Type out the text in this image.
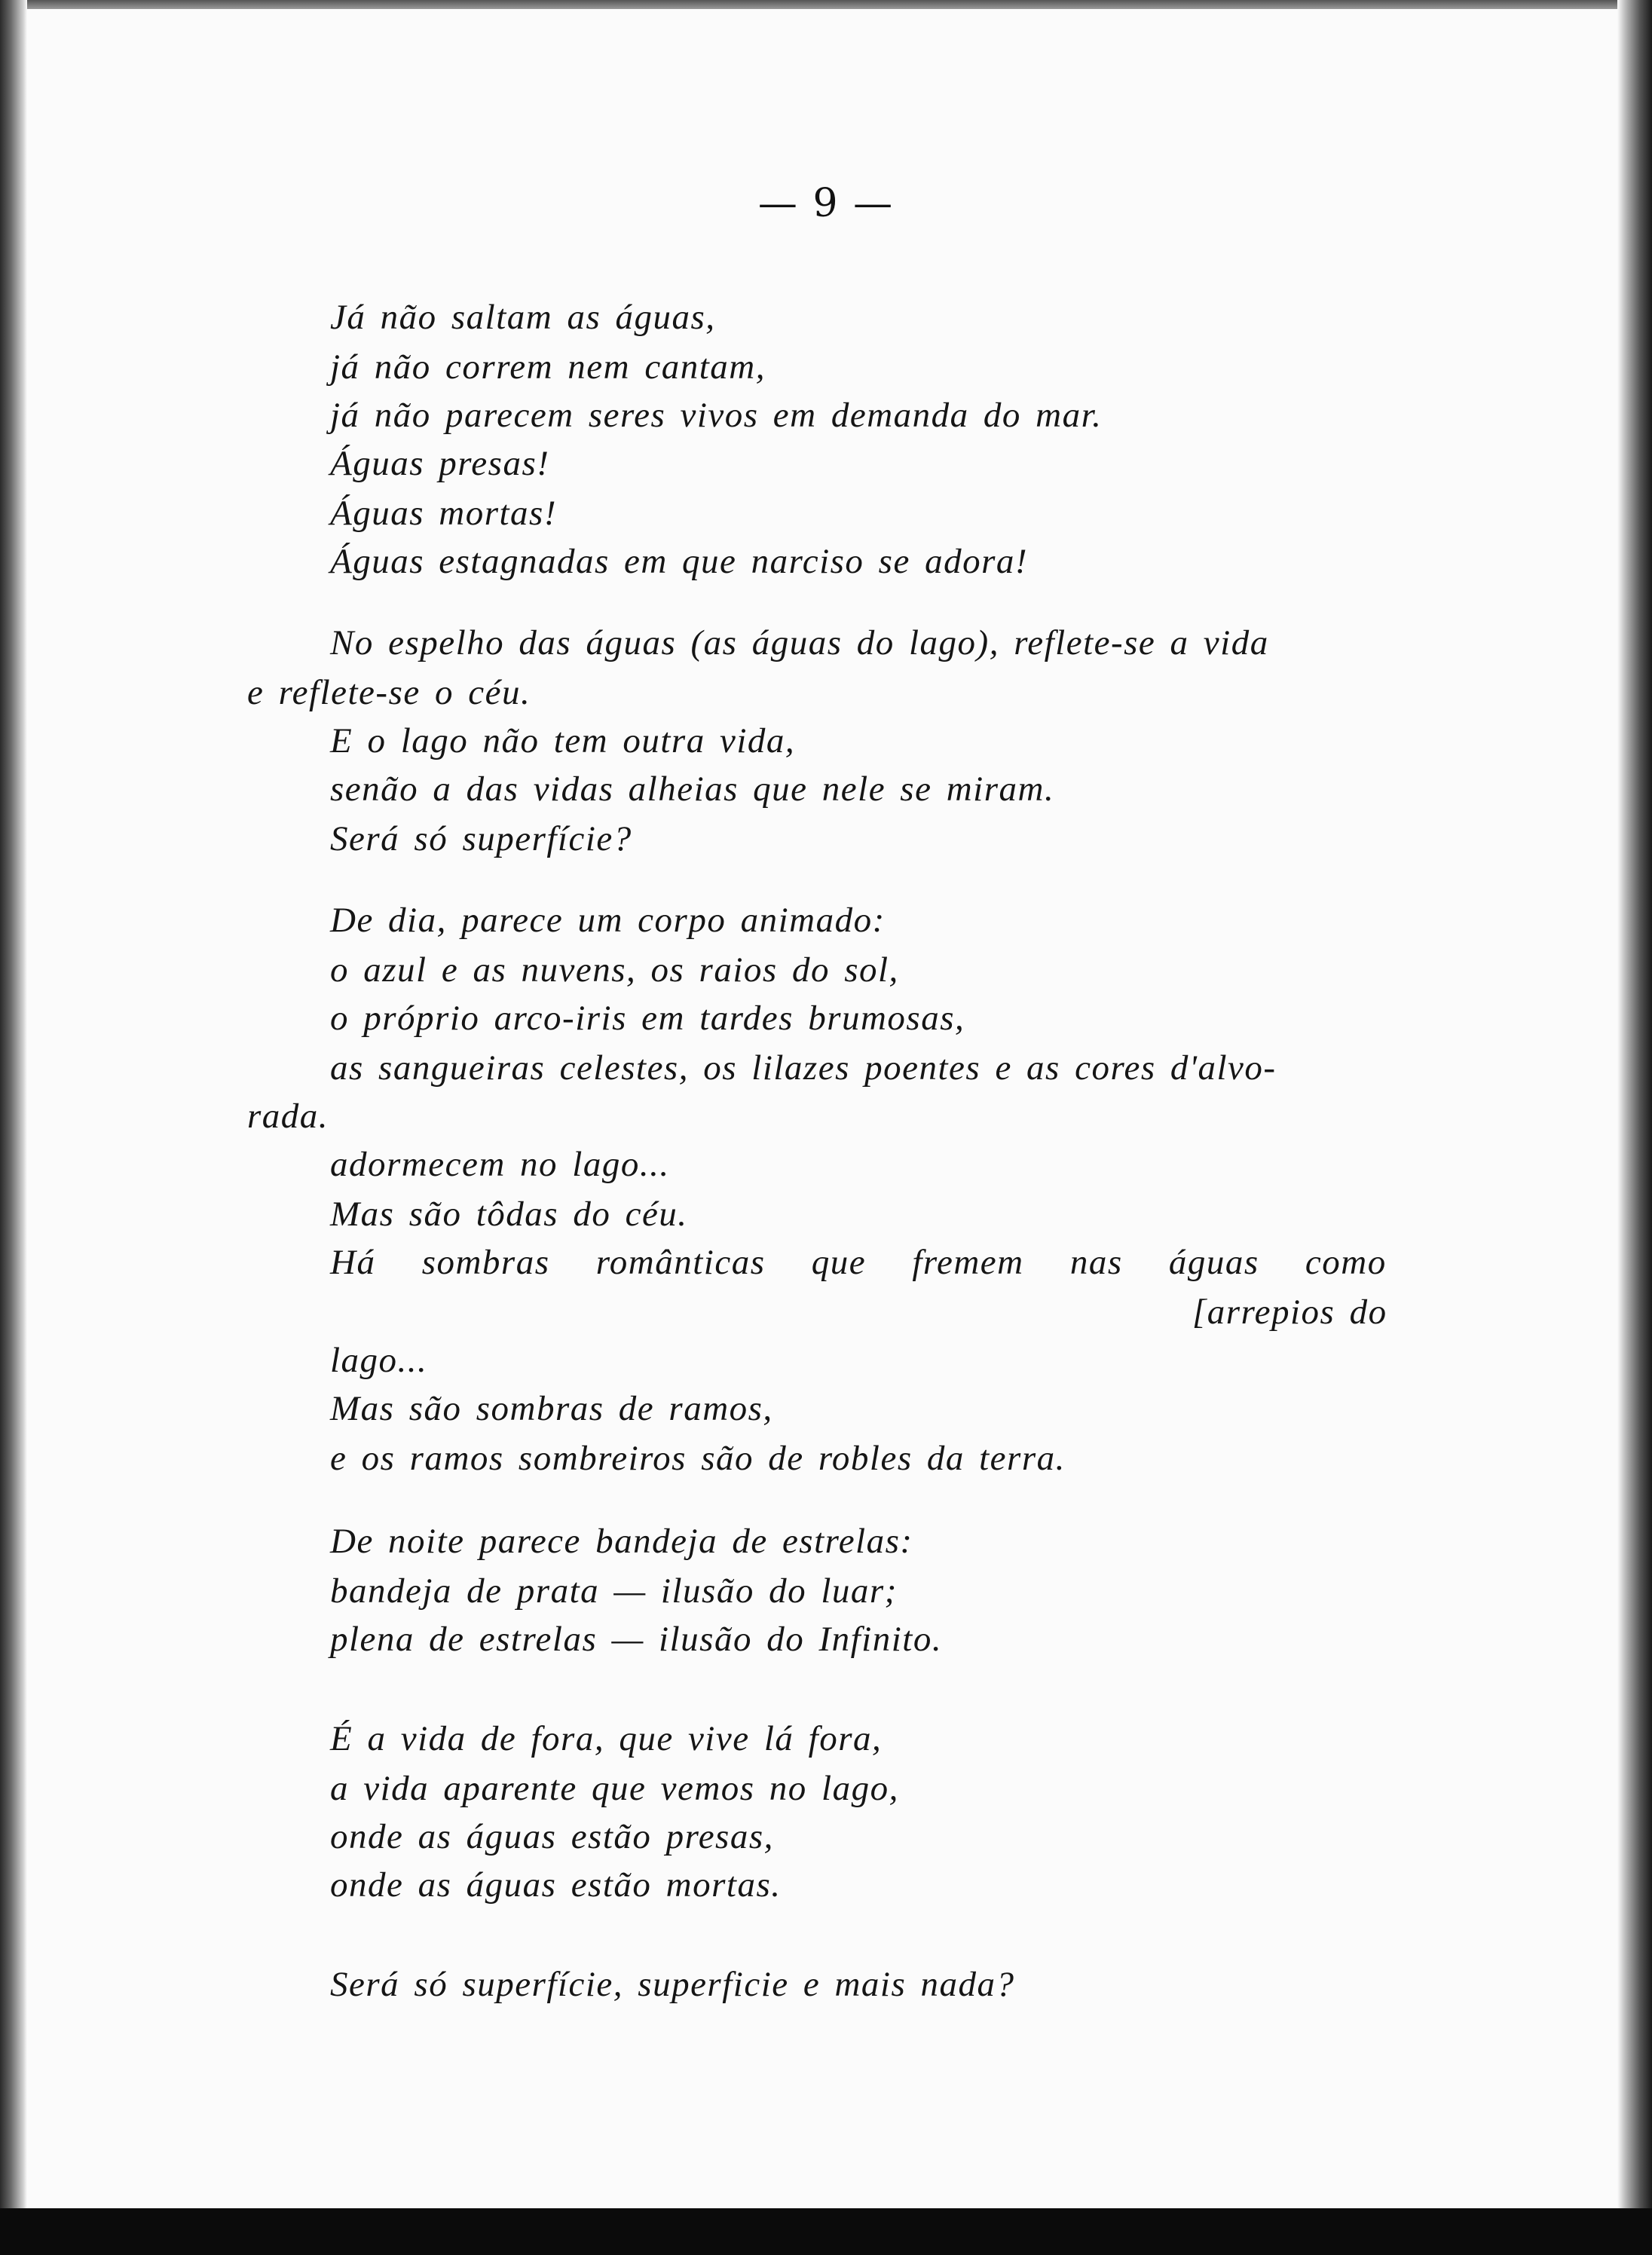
— 9 —
Já não saltam as águas,
já não correm nem cantam,
já não parecem seres vivos em demanda do mar.
Águas presas!
Águas mortas!
Águas estagnadas em que narciso se adora!
No espelho das águas (as águas do lago), reflete-se a vida
e reflete-se o céu.
E o lago não tem outra vida,
senão a das vidas alheias que nele se miram.
Será só superfície?
De dia, parece um corpo animado:
o azul e as nuvens, os raios do sol,
o próprio arco-iris em tardes brumosas,
as sangueiras celestes, os lilazes poentes e as cores d'alvo-
rada.
adormecem no lago...
Mas são tôdas do céu.
Há sombras românticas que fremem nas águas como
[arrepios do
lago...
Mas são sombras de ramos,
e os ramos sombreiros são de robles da terra.
De noite parece bandeja de estrelas:
bandeja de prata — ilusão do luar;
plena de estrelas — ilusão do Infinito.
É a vida de fora, que vive lá fora,
a vida aparente que vemos no lago,
onde as águas estão presas,
onde as águas estão mortas.
Será só superfície, superficie e mais nada?
